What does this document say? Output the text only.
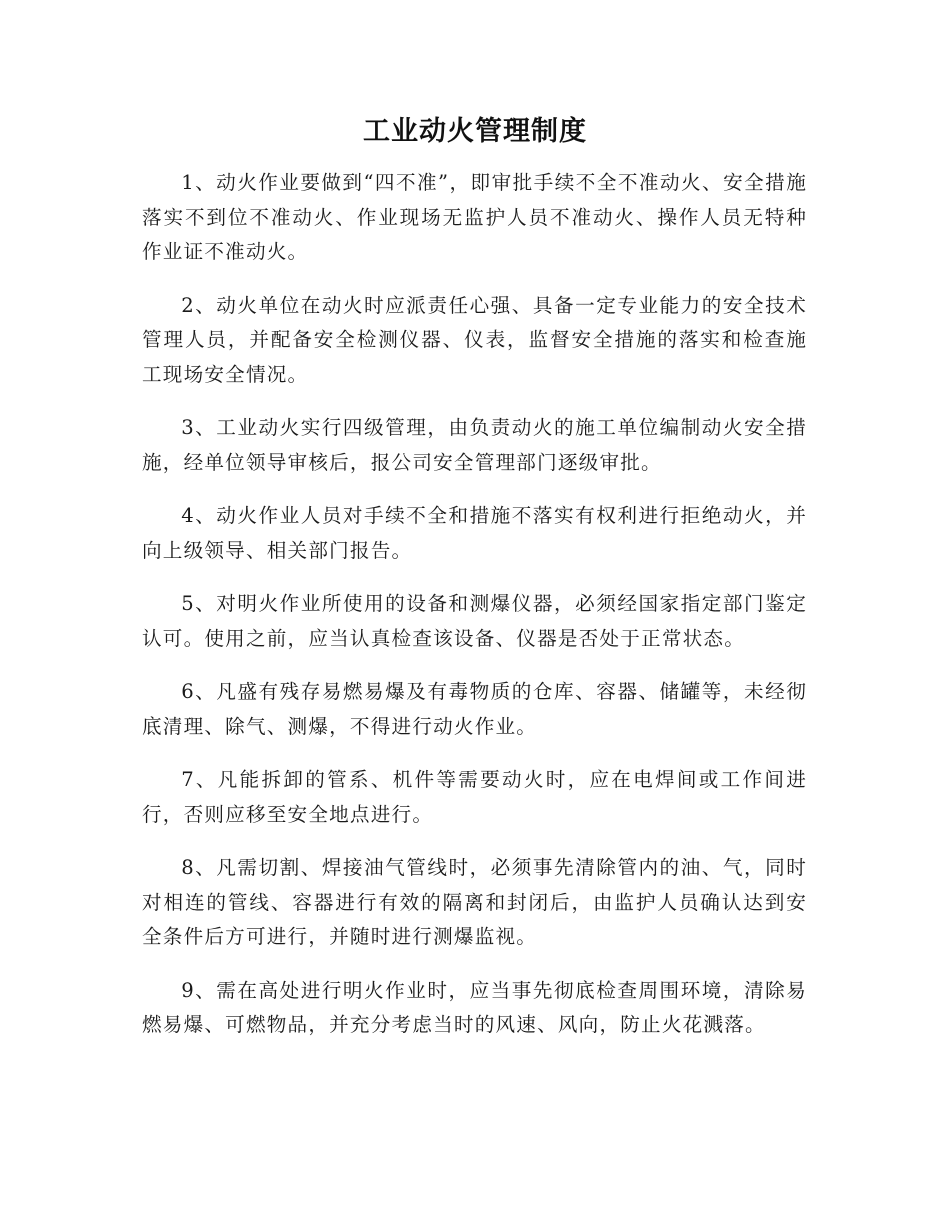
工业动火管理制度

1、动火作业要做到“四不准”，即审批手续不全不准动火、安全措施落实不到位不准动火、作业现场无监护人员不准动火、操作人员无特种作业证不准动火。

2、动火单位在动火时应派责任心强、具备一定专业能力的安全技术管理人员，并配备安全检测仪器、仪表，监督安全措施的落实和检查施工现场安全情况。

3、工业动火实行四级管理，由负责动火的施工单位编制动火安全措施，经单位领导审核后，报公司安全管理部门逐级审批。

4、动火作业人员对手续不全和措施不落实有权利进行拒绝动火，并向上级领导、相关部门报告。

5、对明火作业所使用的设备和测爆仪器，必须经国家指定部门鉴定认可。使用之前，应当认真检查该设备、仪器是否处于正常状态。

6、凡盛有残存易燃易爆及有毒物质的仓库、容器、储罐等，未经彻底清理、除气、测爆，不得进行动火作业。

7、凡能拆卸的管系、机件等需要动火时，应在电焊间或工作间进行，否则应移至安全地点进行。

8、凡需切割、焊接油气管线时，必须事先清除管内的油、气，同时对相连的管线、容器进行有效的隔离和封闭后，由监护人员确认达到安全条件后方可进行，并随时进行测爆监视。

9、需在高处进行明火作业时，应当事先彻底检查周围环境，清除易燃易爆、可燃物品，并充分考虑当时的风速、风向，防止火花溅落。
